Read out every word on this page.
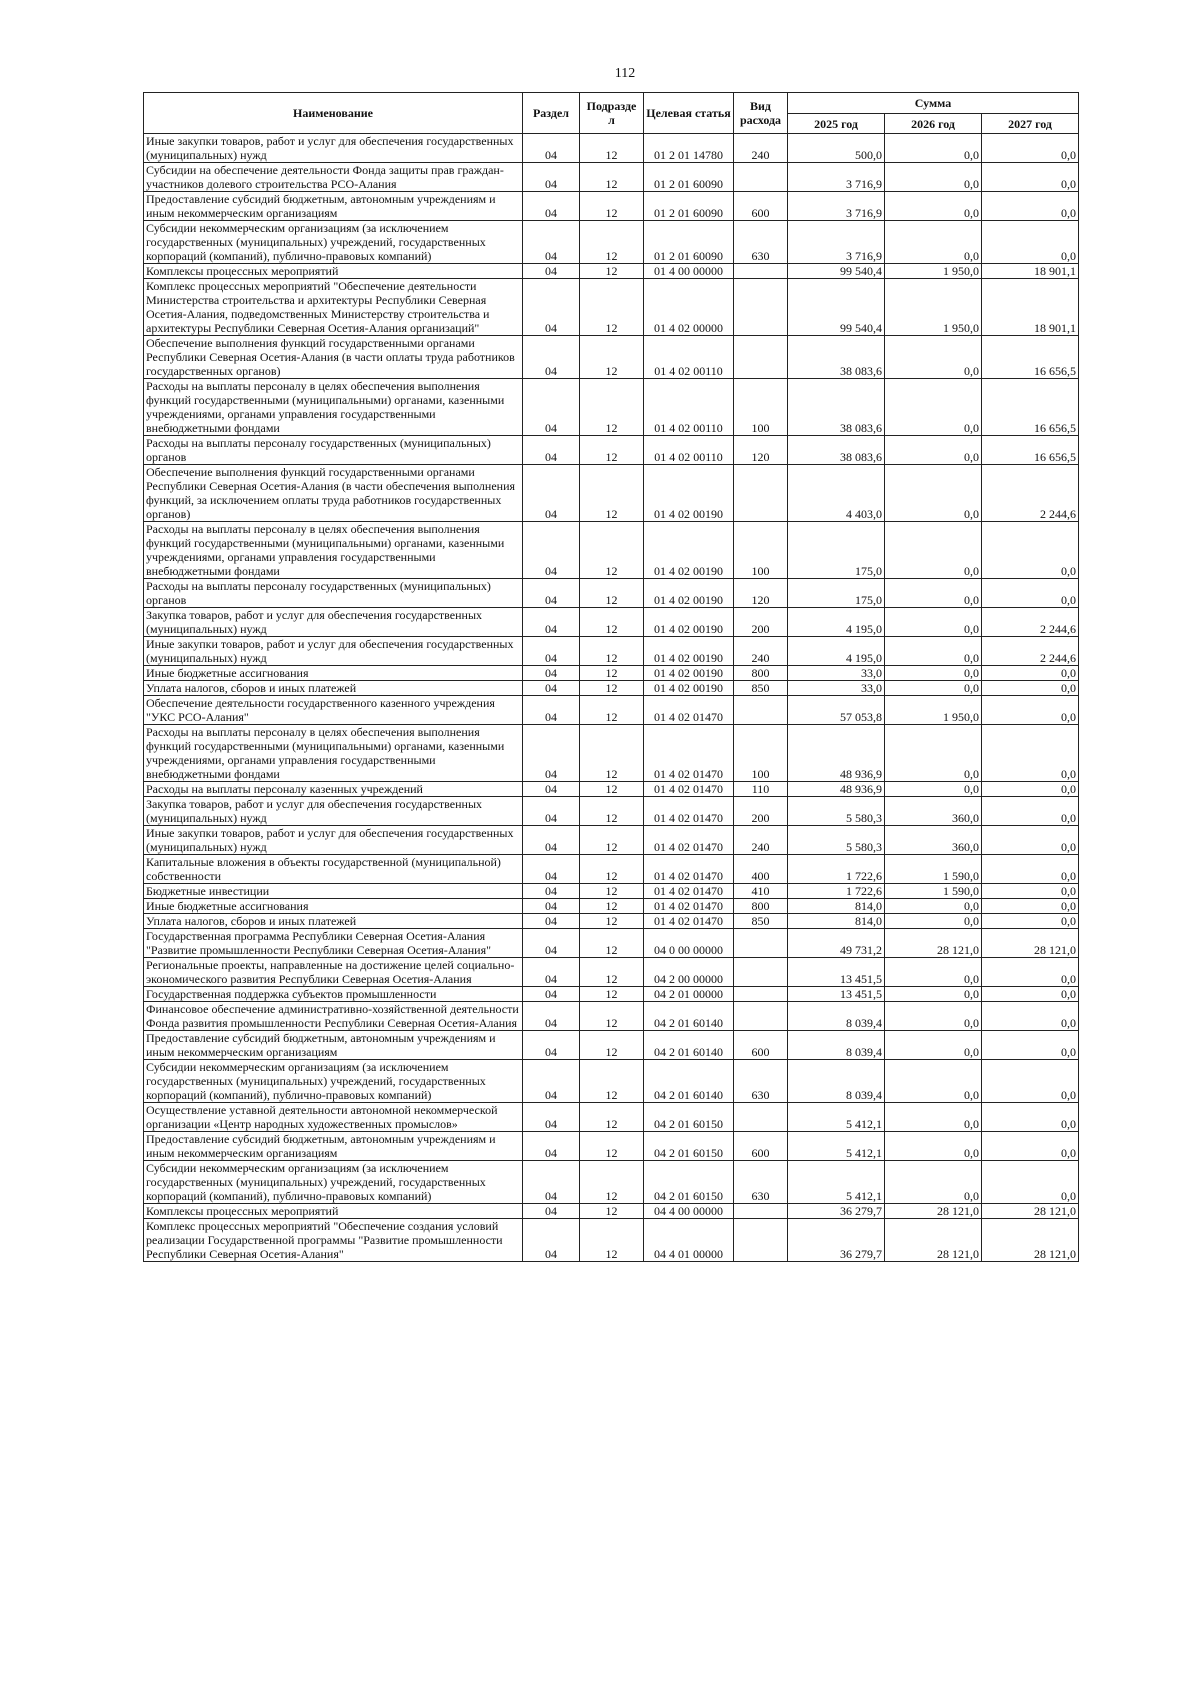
112
Наименование	Раздел	Подразде л	Целевая статья	Вид расхода	Сумма		
					2025 год	2026 год	2027 год
Иные закупки товаров, работ и услуг для обеспечения государственных (муниципальных) нужд	04	12	01 2 01 14780	240	500,0	0,0	0,0
Субсидии на обеспечение деятельности Фонда защиты прав граждан-участников долевого строительства РСО-Алания	04	12	01 2 01 60090		3 716,9	0,0	0,0
Предоставление субсидий бюджетным, автономным учреждениям и иным некоммерческим организациям	04	12	01 2 01 60090	600	3 716,9	0,0	0,0
Субсидии некоммерческим организациям (за исключением государственных (муниципальных) учреждений, государственных корпораций (компаний), публично-правовых компаний)	04	12	01 2 01 60090	630	3 716,9	0,0	0,0
Комплексы процессных мероприятий	04	12	01 4 00 00000		99 540,4	1 950,0	18 901,1
Комплекс процессных мероприятий "Обеспечение деятельности Министерства строительства и архитектуры Республики Северная Осетия-Алания, подведомственных Министерству строительства и архитектуры Республики Северная Осетия-Алания организаций"	04	12	01 4 02 00000		99 540,4	1 950,0	18 901,1
Обеспечение выполнения функций государственными органами Республики Северная Осетия-Алания (в части оплаты труда работников государственных органов)	04	12	01 4 02 00110		38 083,6	0,0	16 656,5
Расходы на выплаты персоналу в целях обеспечения выполнения функций государственными (муниципальными) органами, казенными учреждениями, органами управления государственными внебюджетными фондами	04	12	01 4 02 00110	100	38 083,6	0,0	16 656,5
Расходы на выплаты персоналу государственных (муниципальных) органов	04	12	01 4 02 00110	120	38 083,6	0,0	16 656,5
Обеспечение выполнения функций государственными органами Республики Северная Осетия-Алания (в части обеспечения выполнения функций, за исключением оплаты труда работников государственных органов)	04	12	01 4 02 00190		4 403,0	0,0	2 244,6
Расходы на выплаты персоналу в целях обеспечения выполнения функций государственными (муниципальными) органами, казенными учреждениями, органами управления государственными внебюджетными фондами	04	12	01 4 02 00190	100	175,0	0,0	0,0
Расходы на выплаты персоналу государственных (муниципальных) органов	04	12	01 4 02 00190	120	175,0	0,0	0,0
Закупка товаров, работ и услуг для обеспечения государственных (муниципальных) нужд	04	12	01 4 02 00190	200	4 195,0	0,0	2 244,6
Иные закупки товаров, работ и услуг для обеспечения государственных (муниципальных) нужд	04	12	01 4 02 00190	240	4 195,0	0,0	2 244,6
Иные бюджетные ассигнования	04	12	01 4 02 00190	800	33,0	0,0	0,0
Уплата налогов, сборов и иных платежей	04	12	01 4 02 00190	850	33,0	0,0	0,0
Обеспечение деятельности государственного казенного учреждения "УКС РСО-Алания"	04	12	01 4 02 01470		57 053,8	1 950,0	0,0
Расходы на выплаты персоналу в целях обеспечения выполнения функций государственными (муниципальными) органами, казенными учреждениями, органами управления государственными внебюджетными фондами	04	12	01 4 02 01470	100	48 936,9	0,0	0,0
Расходы на выплаты персоналу казенных учреждений	04	12	01 4 02 01470	110	48 936,9	0,0	0,0
Закупка товаров, работ и услуг для обеспечения государственных (муниципальных) нужд	04	12	01 4 02 01470	200	5 580,3	360,0	0,0
Иные закупки товаров, работ и услуг для обеспечения государственных (муниципальных) нужд	04	12	01 4 02 01470	240	5 580,3	360,0	0,0
Капитальные вложения в объекты государственной (муниципальной) собственности	04	12	01 4 02 01470	400	1 722,6	1 590,0	0,0
Бюджетные инвестиции	04	12	01 4 02 01470	410	1 722,6	1 590,0	0,0
Иные бюджетные ассигнования	04	12	01 4 02 01470	800	814,0	0,0	0,0
Уплата налогов, сборов и иных платежей	04	12	01 4 02 01470	850	814,0	0,0	0,0
Государственная программа Республики Северная Осетия-Алания "Развитие промышленности Республики Северная Осетия-Алания"	04	12	04 0 00 00000		49 731,2	28 121,0	28 121,0
Региональные проекты, направленные на достижение целей социально-экономического развития Республики Северная Осетия-Алания	04	12	04 2 00 00000		13 451,5	0,0	0,0
Государственная поддержка субъектов промышленности	04	12	04 2 01 00000		13 451,5	0,0	0,0
Финансовое обеспечение административно-хозяйственной деятельности Фонда развития промышленности Республики Северная Осетия-Алания	04	12	04 2 01 60140		8 039,4	0,0	0,0
Предоставление субсидий бюджетным, автономным учреждениям и иным некоммерческим организациям	04	12	04 2 01 60140	600	8 039,4	0,0	0,0
Субсидии некоммерческим организациям (за исключением государственных (муниципальных) учреждений, государственных корпораций (компаний), публично-правовых компаний)	04	12	04 2 01 60140	630	8 039,4	0,0	0,0
Осуществление уставной деятельности автономной некоммерческой организации «Центр народных художественных промыслов»	04	12	04 2 01 60150		5 412,1	0,0	0,0
Предоставление субсидий бюджетным, автономным учреждениям и иным некоммерческим организациям	04	12	04 2 01 60150	600	5 412,1	0,0	0,0
Субсидии некоммерческим организациям (за исключением государственных (муниципальных) учреждений, государственных корпораций (компаний), публично-правовых компаний)	04	12	04 2 01 60150	630	5 412,1	0,0	0,0
Комплексы процессных мероприятий	04	12	04 4 00 00000		36 279,7	28 121,0	28 121,0
Комплекс процессных мероприятий "Обеспечение создания условий реализации Государственной программы "Развитие промышленности Республики Северная Осетия-Алания"	04	12	04 4 01 00000		36 279,7	28 121,0	28 121,0
